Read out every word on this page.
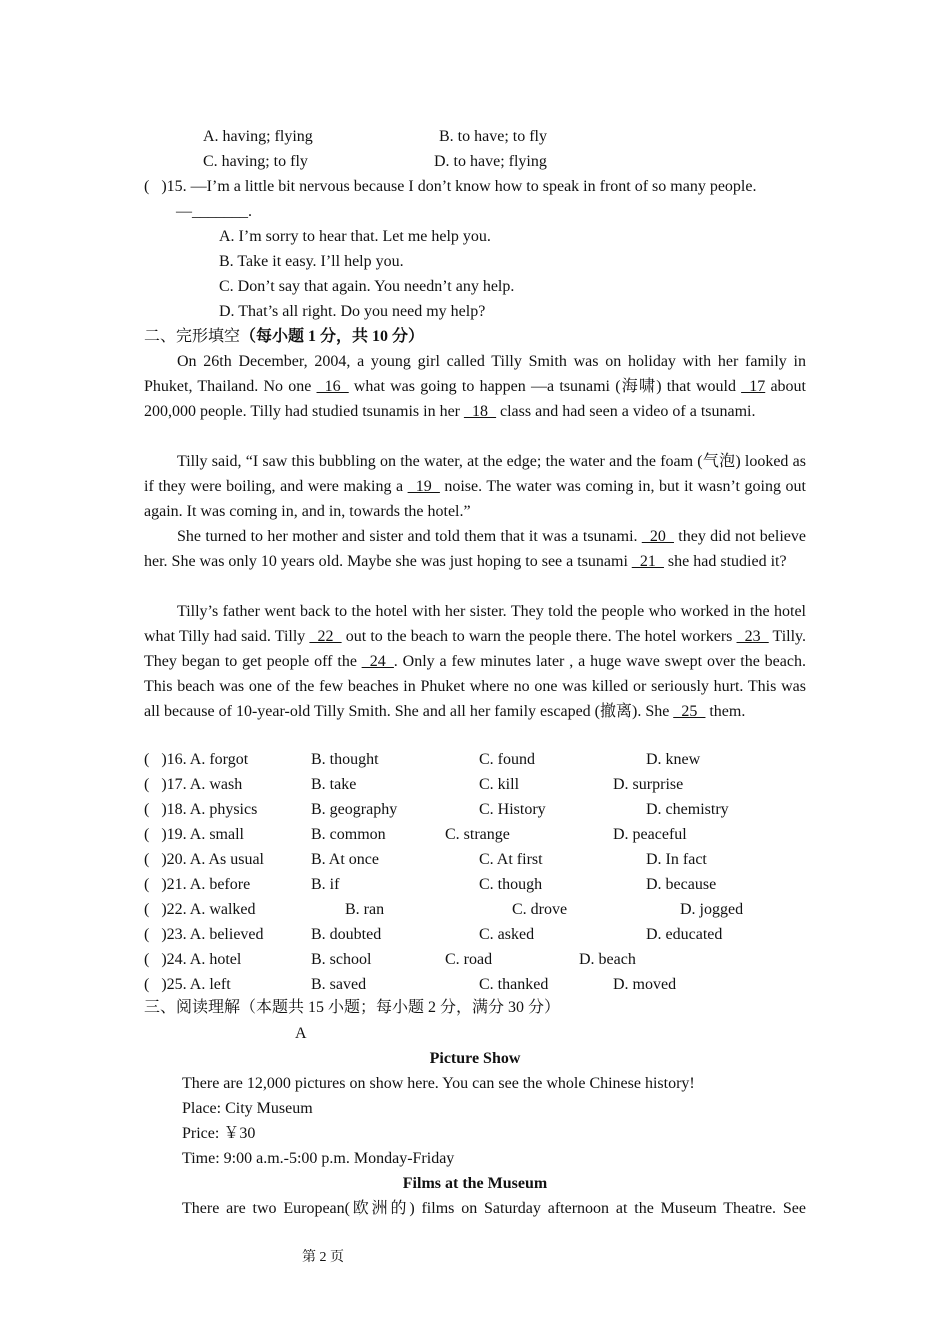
A. having; flying	B. to have; to fly
C. having; to fly	D. to have; flying
(   )15. —I’m a little bit nervous because I don’t know how to speak in front of so many people.
—_______.
A. I’m sorry to hear that. Let me help you.
B. Take it easy. I’ll help you.
C. Don’t say that again. You needn’t any help.
D. That’s all right. Do you need my help?
二、完形填空（每小题 1 分，共 10 分）
On 26th December, 2004, a young girl called Tilly Smith was on holiday with her family in Phuket, Thailand. No one _16_ what was going to happen —a tsunami (海啸) that would _17 about 200,000 people. Tilly had studied tsunamis in her _18_ class and had seen a video of a tsunami.
Tilly said, “I saw this bubbling on the water, at the edge; the water and the foam (气泡) looked as if they were boiling, and were making a _19_ noise. The water was coming in, but it wasn’t going out again. It was coming in, and in, towards the hotel.”
She turned to her mother and sister and told them that it was a tsunami. _20_ they did not believe her. She was only 10 years old. Maybe she was just hoping to see a tsunami _21_ she had studied it?
Tilly’s father went back to the hotel with her sister. They told the people who worked in the hotel what Tilly had said. Tilly _22_ out to the beach to warn the people there. The hotel workers _23_ Tilly. They began to get people off the _24_. Only a few minutes later , a huge wave swept over the beach. This beach was one of the few beaches in Phuket where no one was killed or seriously hurt. This was all because of 10-year-old Tilly Smith. She and all her family escaped (撤离). She _25_ them.
(   )16. A. forgot	B. thought	C. found	D. knew
(   )17. A. wash	B. take	C. kill	D. surprise
(   )18. A. physics	B. geography	C. History	D. chemistry
(   )19. A. small	B. common	C. strange	D. peaceful
(   )20. A. As usual	B. At once	C. At first	D. In fact
(   )21. A. before	B. if	C. though	D. because
(   )22. A. walked	B. ran	C. drove	D. jogged
(   )23. A. believed	B. doubted	C. asked	D. educated
(   )24. A. hotel	B. school	C. road	D. beach
(   )25. A. left	B. saved	C. thanked	D. moved
三、阅读理解（本题共 15 小题；每小题 2 分，满分 30 分）
A
Picture Show
There are 12,000 pictures on show here. You can see the whole Chinese history!
Place: City Museum
Price: ￥30
Time: 9:00 a.m.-5:00 p.m. Monday-Friday
Films at the Museum
There are two European(欧洲的) films on Saturday afternoon at the Museum Theatre. See
第 2 页
